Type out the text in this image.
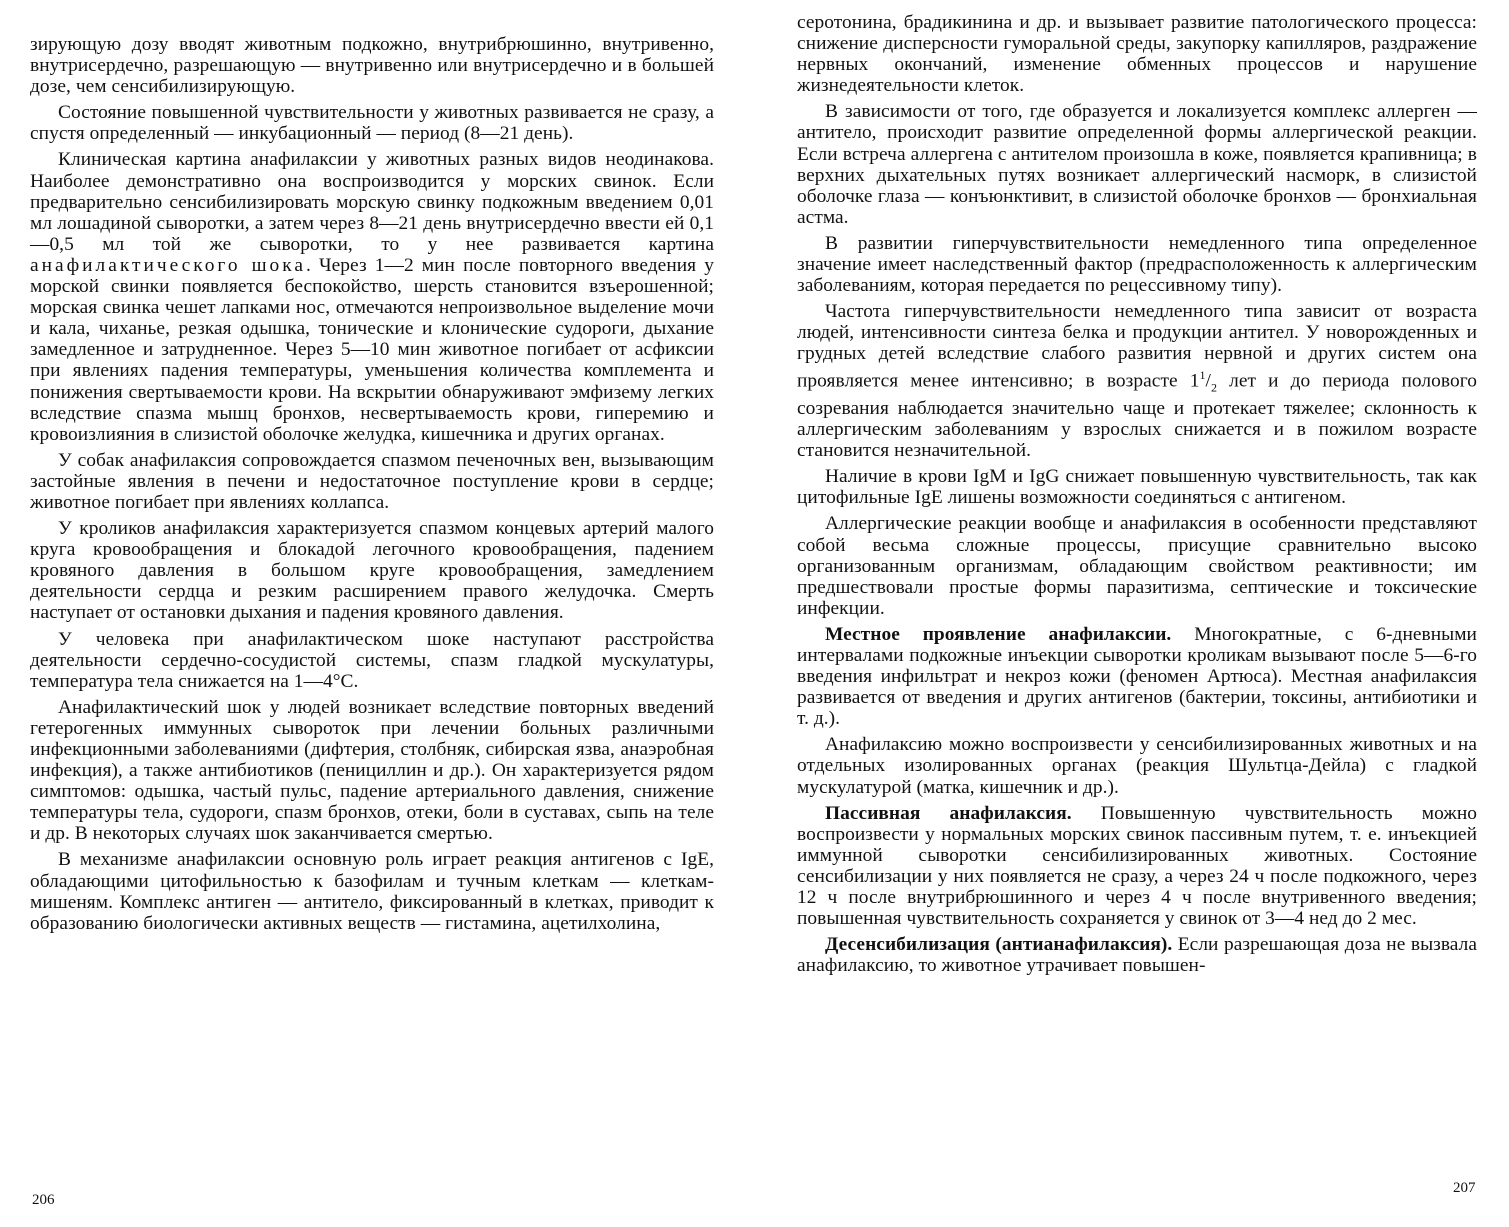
зирующую дозу вводят животным подкожно, внутрибрюшинно, внутривенно, внутрисердечно, разрешающую — внутривенно или внутрисердечно и в большей дозе, чем сенсибилизирующую.

Состояние повышенной чувствительности у животных развивается не сразу, а спустя определенный — инкубационный — период (8—21 день).

Клиническая картина анафилаксии у животных разных видов неодинакова. Наиболее демонстративно она воспроизводится у морских свинок. Если предварительно сенсибилизировать морскую свинку подкожным введением 0,01 мл лошадиной сыворотки, а затем через 8—21 день внутрисердечно ввести ей 0,1—0,5 мл той же сыворотки, то у нее развивается картина анафилактического шока. Через 1—2 мин после повторного введения у морской свинки появляется беспокойство, шерсть становится взъерошенной; морская свинка чешет лапками нос, отмечаются непроизвольное выделение мочи и кала, чиханье, резкая одышка, тонические и клонические судороги, дыхание замедленное и затрудненное. Через 5—10 мин животное погибает от асфиксии при явлениях падения температуры, уменьшения количества комплемента и понижения свертываемости крови. На вскрытии обнаруживают эмфизему легких вследствие спазма мышц бронхов, несвертываемость крови, гиперемию и кровоизлияния в слизистой оболочке желудка, кишечника и других органах.

У собак анафилаксия сопровождается спазмом печеночных вен, вызывающим застойные явления в печени и недостаточное поступление крови в сердце; животное погибает при явлениях коллапса.

У кроликов анафилаксия характеризуется спазмом концевых артерий малого круга кровообращения и блокадой легочного кровообращения, падением кровяного давления в большом круге кровообращения, замедлением деятельности сердца и резким расширением правого желудочка. Смерть наступает от остановки дыхания и падения кровяного давления.

У человека при анафилактическом шоке наступают расстройства деятельности сердечно-сосудистой системы, спазм гладкой мускулатуры, температура тела снижается на 1—4°С.

Анафилактический шок у людей возникает вследствие повторных введений гетерогенных иммунных сывороток при лечении больных различными инфекционными заболеваниями (дифтерия, столбняк, сибирская язва, анаэробная инфекция), а также антибиотиков (пенициллин и др.). Он характеризуется рядом симптомов: одышка, частый пульс, падение артериального давления, снижение температуры тела, судороги, спазм бронхов, отеки, боли в суставах, сыпь на теле и др. В некоторых случаях шок заканчивается смертью.

В механизме анафилаксии основную роль играет реакция антигенов с IgE, обладающими цитофильностью к базофилам и тучным клеткам — клеткам-мишеням. Комплекс антиген — антитело, фиксированный в клетках, приводит к образованию биологически активных веществ — гистамина, ацетилхолина,

206

серотонина, брадикинина и др. и вызывает развитие патологического процесса: снижение дисперсности гуморальной среды, закупорку капилляров, раздражение нервных окончаний, изменение обменных процессов и нарушение жизнедеятельности клеток.

В зависимости от того, где образуется и локализуется комплекс аллерген — антитело, происходит развитие определенной формы аллергической реакции. Если встреча аллергена с антителом произошла в коже, появляется крапивница; в верхних дыхательных путях возникает аллергический насморк, в слизистой оболочке глаза — конъюнктивит, в слизистой оболочке бронхов — бронхиальная астма.

В развитии гиперчувствительности немедленного типа определенное значение имеет наследственный фактор (предрасположенность к аллергическим заболеваниям, которая передается по рецессивному типу).

Частота гиперчувствительности немедленного типа зависит от возраста людей, интенсивности синтеза белка и продукции антител. У новорожденных и грудных детей вследствие слабого развития нервной и других систем она проявляется менее интенсивно; в возрасте $1^1/_2$ лет и до периода полового созревания наблюдается значительно чаще и протекает тяжелее; склонность к аллергическим заболеваниям у взрослых снижается и в пожилом возрасте становится незначительной.

Наличие в крови IgM и IgG снижает повышенную чувствительность, так как цитофильные IgE лишены возможности соединяться с антигеном.

Аллергические реакции вообще и анафилаксия в особенности представляют собой весьма сложные процессы, присущие сравнительно высоко организованным организмам, обладающим свойством реактивности; им предшествовали простые формы паразитизма, септические и токсические инфекции.

Местное проявление анафилаксии. Многократные, с 6-дневными интервалами подкожные инъекции сыворотки кроликам вызывают после 5—6-го введения инфильтрат и некроз кожи (феномен Артюса). Местная анафилаксия развивается от введения и других антигенов (бактерии, токсины, антибиотики и т. д.).

Анафилаксию можно воспроизвести у сенсибилизированных животных и на отдельных изолированных органах (реакция Шультца-Дейла) с гладкой мускулатурой (матка, кишечник и др.).

Пассивная анафилаксия. Повышенную чувствительность можно воспроизвести у нормальных морских свинок пассивным путем, т. е. инъекцией иммунной сыворотки сенсибилизированных животных. Состояние сенсибилизации у них появляется не сразу, а через 24 ч после подкожного, через 12 ч после внутрибрюшинного и через 4 ч после внутривенного введения; повышенная чувствительность сохраняется у свинок от 3—4 нед до 2 мес.

Десенсибилизация (антианафилаксия). Если разрешающая доза не вызвала анафилаксию, то животное утрачивает повышен-

207
